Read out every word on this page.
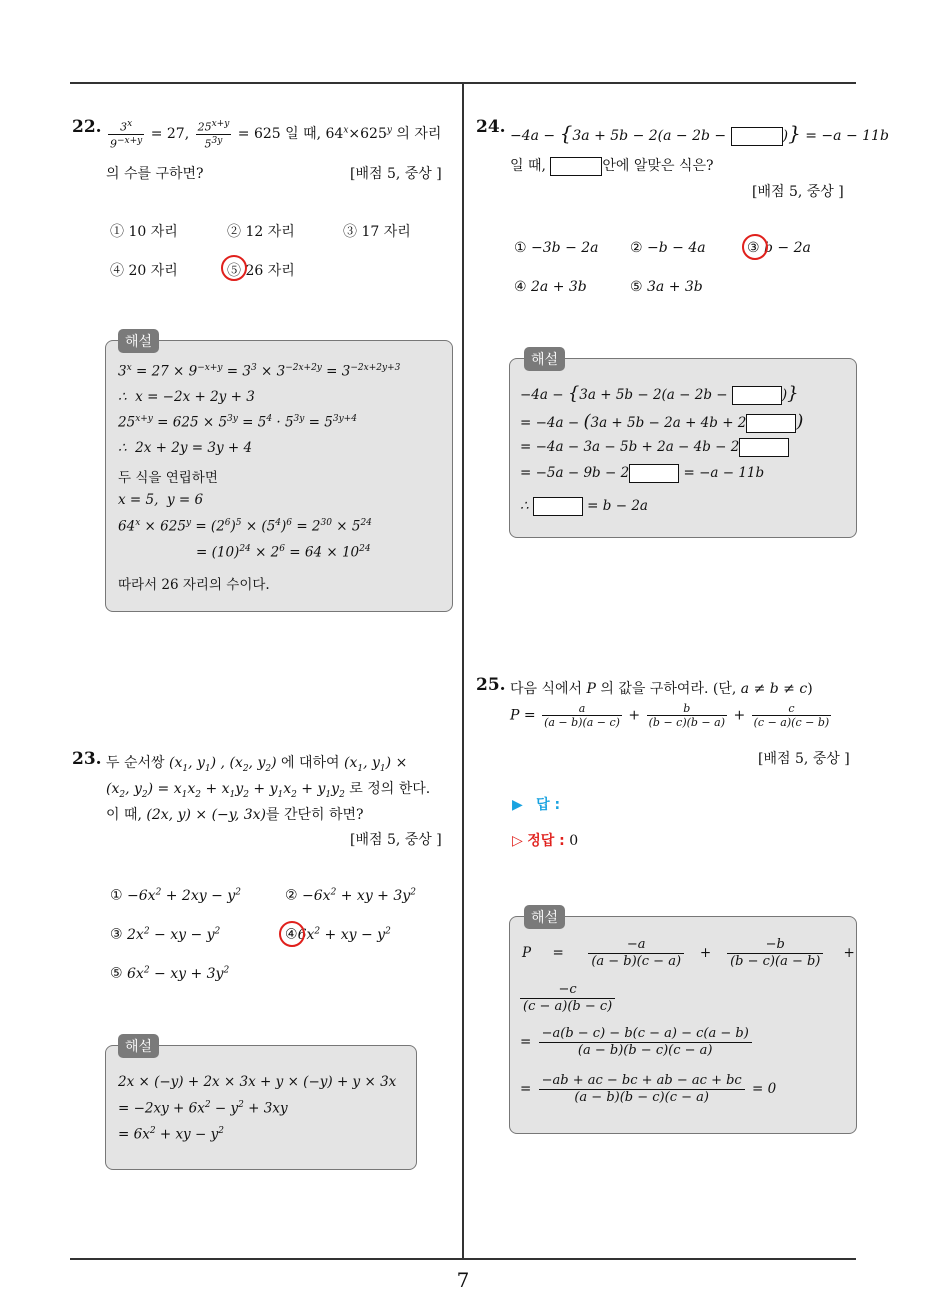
22. $\frac{3^x}{9^{-x+y}} = 27$, $\frac{25^{x+y}}{5^{3y}} = 625$ 일 때, $64^x\times 625^y$ 의 자리
의 수를 구하면?	[배점 5, 중상 ]
① 10 자리	② 12 자리	③ 17 자리
④ 20 자리	⑤ 26 자리
해설
$3^x = 27 \times 9^{-x+y} = 3^3 \times 3^{-2x+2y} = 3^{-2x+2y+3}$
∴  x = −2x + 2y + 3
$25^{x+y} = 625 \times 5^{3y} = 5^4 \cdot 5^{3y} = 5^{3y+4}$
∴  2x + 2y = 3y + 4
두 식을 연립하면
x = 5,  y = 6
$64^x \times 625^y = (2^6)^5 \times (5^4)^6 = 2^{30} \times 5^{24}$
= $(10)^{24} \times 2^6 = 64 \times 10^{24}$
따라서 26 자리의 수이다.
23. 두 순서쌍 ($x_1$, $y_1$) , ($x_2$, $y_2$) 에 대하여 ($x_1$, $y_1$) ×
($x_2$, $y_2) = x_1x_2 + x_1y_2 + y_1x_2 + y_1y_2$ 로 정의 한다.
이 때, (2x, y) × (−y, 3x)를 간단히 하면?
[배점 5, 중상 ]
① $-6x^2 + 2xy - y^2$	② $-6x^2$ + xy + $3y^2$
③ $2x^2$ − xy − $y^2$	$④6x^2$ + xy − $y^2$
⑤ $6x^2$ − xy + $3y^2$
해설
2x × (−y) + 2x × 3x + y × (−y) + y × 3x
= $-2xy + 6x^2 - y^2 + 3xy$
= $6x^2$ + xy − $y^2$
24. −4a − {3a + 5b − 2(a − 2b −	)} = −a − 11b
일 때,	안에 알맞은 식은?
[배점 5, 중상 ]
① −3b − 2a ② −b − 4a	③ b − 2a
④ 2a + 3b	⑤ 3a + 3b
해설
−4a − {3a + 5b − 2(a − 2b −	)}
= −4a − (3a + 5b − 2a + 4b + 2	)
= −4a − 3a − 5b + 2a − 4b − 2
= −5a − 9b − 2	= −a − 11b
∴	= b − 2a
25. 다음 식에서 P 의 값을 구하여라. (단, a ≠ b ≠ c)
$P = \frac{a}{(a - b)(a - c)} + \frac{b}{(b - c)(b - a)} + \frac{c}{(c - a)(c - b)}$
[배점 5, 중상 ]
▶ 답 :
▷ 정답 : 0
해설
P     = $\frac{-a}{(a - b)(c - a)} + \frac{-b}{(b - c)(a - b)}$ +
$\frac{-c}{(c - a)(b - c)}$
= $\frac{-a(b - c) - b(c - a) - c(a - b)}{(a - b)(b - c)(c - a)}$
= $\frac{-ab + ac - bc + ab - ac + bc}{(a - b)(b - c)(c - a)} = 0$
7
